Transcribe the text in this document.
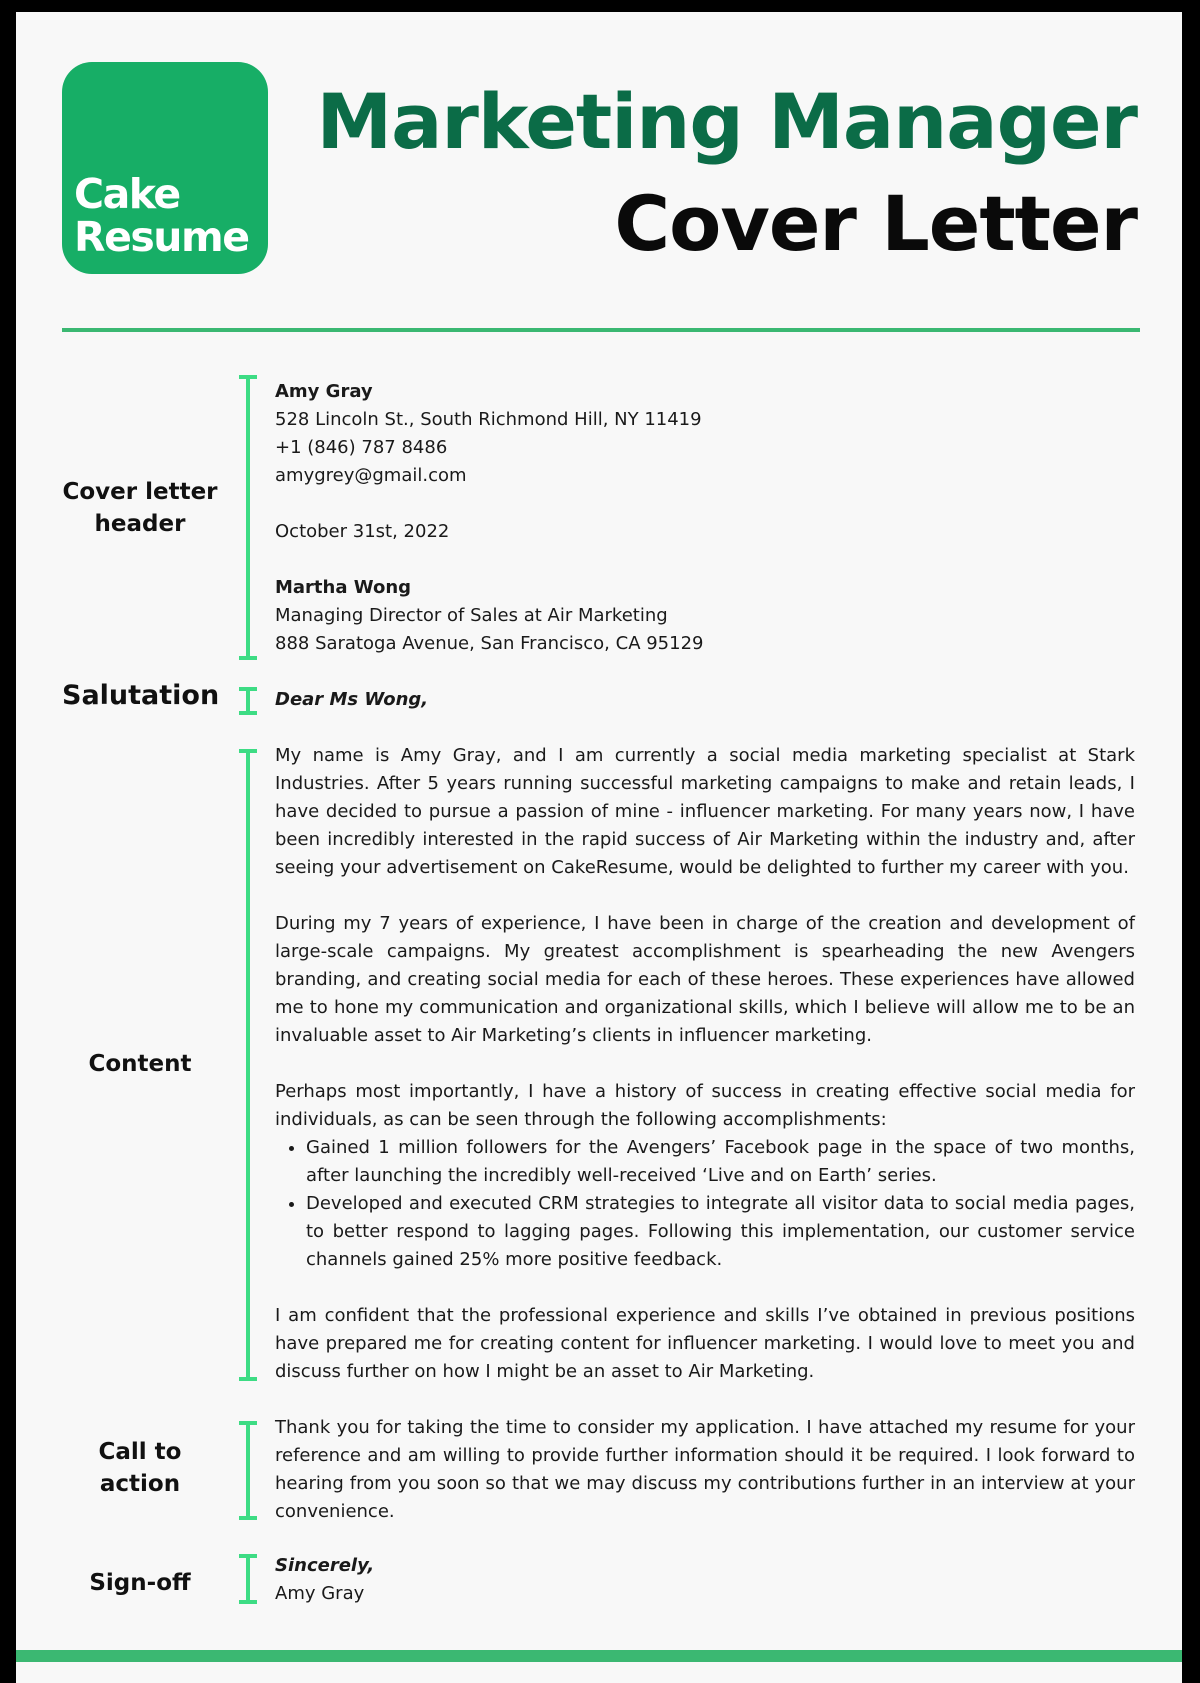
Cake
Resume
Marketing Manager
Cover Letter
Cover letter header

Amy Gray

528 Lincoln St., South Richmond Hill, NY 11419

+1 (846) 787 8486

amygrey@gmail.com

October 31st, 2022

Martha Wong

Managing Director of Sales at Air Marketing

888 Saratoga Avenue, San Francisco, CA 95129

Salutation	Dear Ms Wong,

Content

My name is Amy Gray, and I am currently a social media marketing specialist at Stark Industries. After 5 years running successful marketing campaigns to make and retain leads, I have decided to pursue a passion of mine - influencer marketing. For many years now, I have been incredibly interested in the rapid success of Air Marketing within the industry and, after seeing your advertisement on CakeResume, would be delighted to further my career with you.

During my 7 years of experience, I have been in charge of the creation and development of large-scale campaigns. My greatest accomplishment is spearheading the new Avengers branding, and creating social media for each of these heroes. These experiences have allowed me to hone my communication and organizational skills, which I believe will allow me to be an invaluable asset to Air Marketing’s clients in influencer marketing.

Perhaps most importantly, I have a history of success in creating effective social media for individuals, as can be seen through the following accomplishments:

• Gained 1 million followers for the Avengers’ Facebook page in the space of two months, after launching the incredibly well-received ‘Live and on Earth’ series.
• Developed and executed CRM strategies to integrate all visitor data to social media pages, to better respond to lagging pages. Following this implementation, our customer service channels gained 25% more positive feedback.

I am confident that the professional experience and skills I’ve obtained in previous positions have prepared me for creating content for influencer marketing. I would love to meet you and discuss further on how I might be an asset to Air Marketing.

Call to action

Thank you for taking the time to consider my application. I have attached my resume for your reference and am willing to provide further information should it be required. I look forward to hearing from you soon so that we may discuss my contributions further in an interview at your convenience.

Sign-off

Sincerely,

Amy Gray
